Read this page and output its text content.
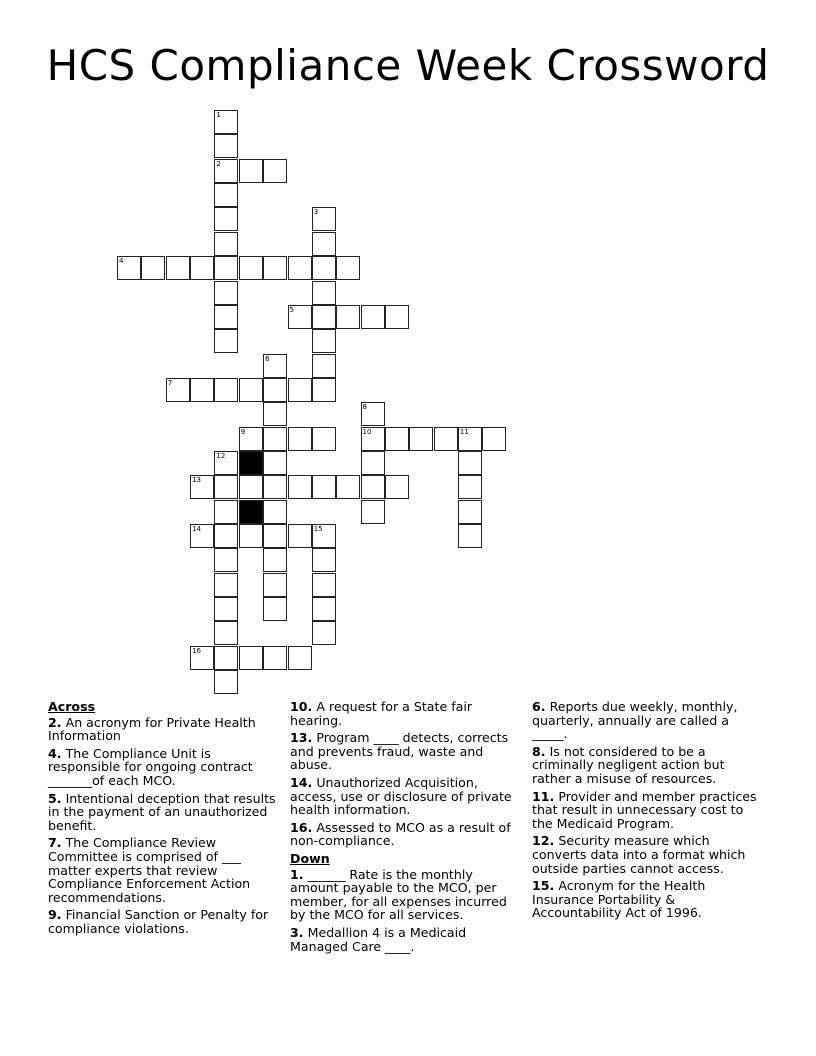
HCS Compliance Week Crossword
1
2
3
4
5
6
7
8
9	10	11
12
13
14	15
16
Across
2. An acronym for Private Health Information
4. The Compliance Unit is responsible for ongoing contract _______of each MCO.
5. Intentional deception that results in the payment of an unauthorized benefit.
7. The Compliance Review Committee is comprised of ___ matter experts that review Compliance Enforcement Action recommendations.
9. Financial Sanction or Penalty for compliance violations.
10. A request for a State fair hearing.
13. Program ____ detects, corrects and prevents fraud, waste and abuse.
14. Unauthorized Acquisition, access, use or disclosure of private health information.
16. Assessed to MCO as a result of non-compliance.
Down
1. ______ Rate is the monthly amount payable to the MCO, per member, for all expenses incurred by the MCO for all services.
3. Medallion 4 is a Medicaid Managed Care ____.
6. Reports due weekly, monthly, quarterly, annually are called a _____.
8. Is not considered to be a criminally negligent action but rather a misuse of resources.
11. Provider and member practices that result in unnecessary cost to the Medicaid Program.
12. Security measure which converts data into a format which outside parties cannot access.
15. Acronym for the Health Insurance Portability & Accountability Act of 1996.
